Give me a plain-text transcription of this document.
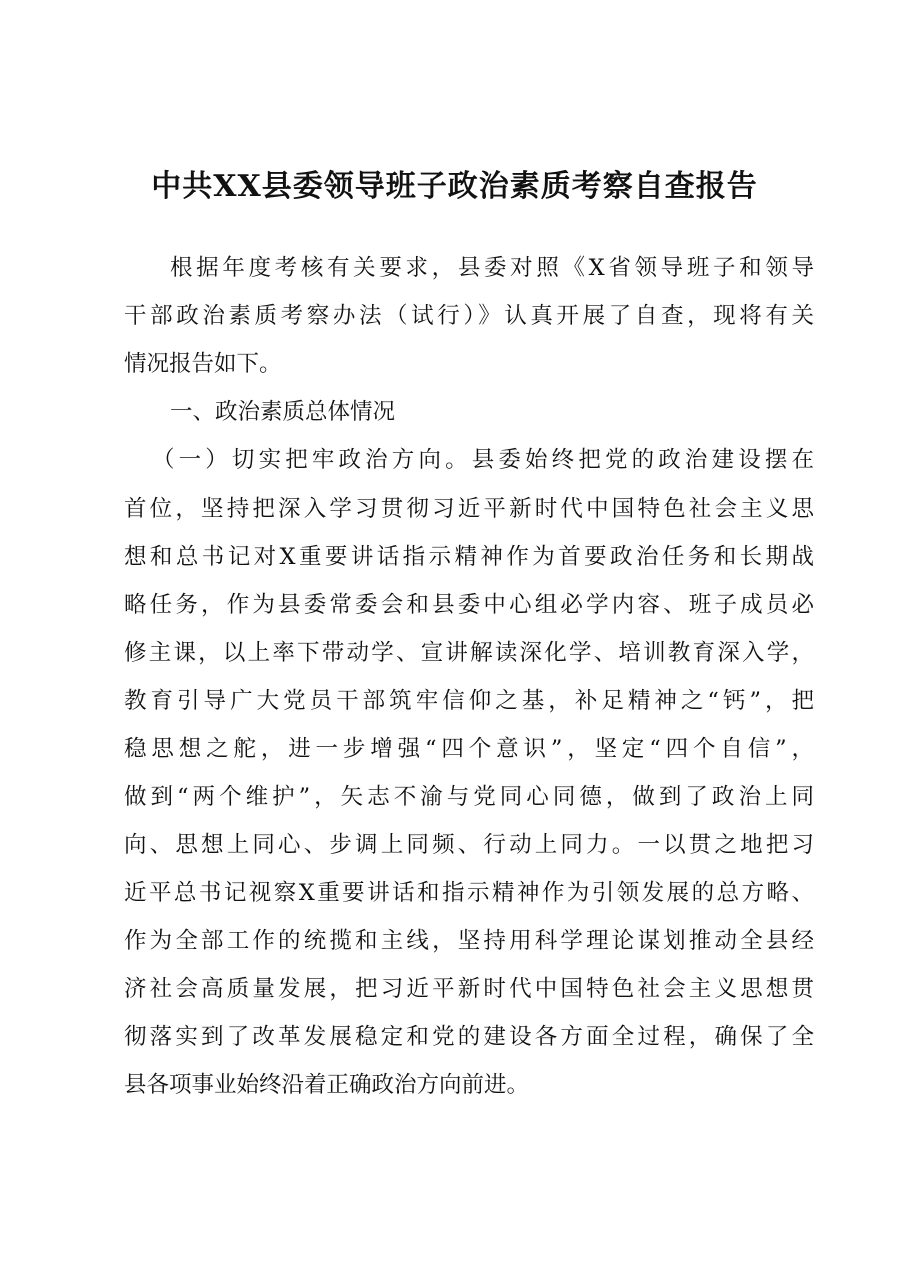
中共XX县委领导班子政治素质考察自查报告

根据年度考核有关要求，县委对照《X省领导班子和领导

干部政治素质考察办法（试行）》认真开展了自查，现将有关

情况报告如下。

一、政治素质总体情况

（一）切实把牢政治方向。县委始终把党的政治建设摆在

首位，坚持把深入学习贯彻习近平新时代中国特色社会主义思

想和总书记对X重要讲话指示精神作为首要政治任务和长期战

略任务，作为县委常委会和县委中心组必学内容、班子成员必

修主课，以上率下带动学、宣讲解读深化学、培训教育深入学，

教育引导广大党员干部筑牢信仰之基，补足精神之“钙”，把

稳思想之舵，进一步增强“四个意识”，坚定“四个自信”，

做到“两个维护”，矢志不渝与党同心同德，做到了政治上同

向、思想上同心、步调上同频、行动上同力。一以贯之地把习

近平总书记视察X重要讲话和指示精神作为引领发展的总方略、

作为全部工作的统揽和主线，坚持用科学理论谋划推动全县经

济社会高质量发展，把习近平新时代中国特色社会主义思想贯

彻落实到了改革发展稳定和党的建设各方面全过程，确保了全

县各项事业始终沿着正确政治方向前进。
